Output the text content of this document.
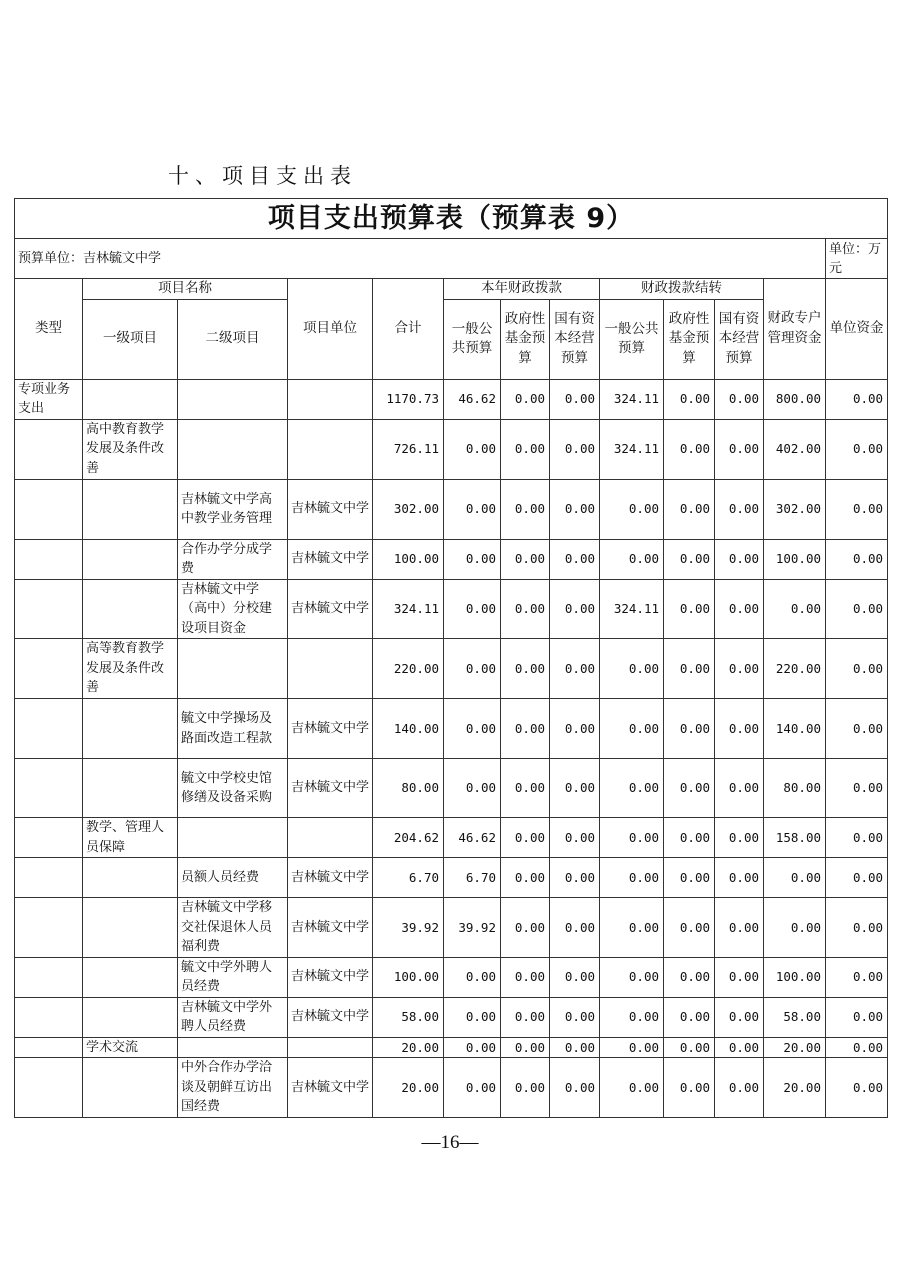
十、项目支出表
项目支出预算表（预算表 9）												
预算单位：吉林毓文中学												单位：万元
类型	项目名称		项目单位	合计	本年财政拨款			财政拨款结转			财政专户管理资金	单位资金
	一级项目	二级项目			一般公共预算	政府性基金预算	国有资本经营预算	一般公共预算	政府性基金预算	国有资本经营预算		
专项业务支出				1170.73	46.62	0.00	0.00	324.11	0.00	0.00	800.00	0.00
	高中教育教学发展及条件改善			726.11	0.00	0.00	0.00	324.11	0.00	0.00	402.00	0.00
		吉林毓文中学高中教学业务管理	吉林毓文中学	302.00	0.00	0.00	0.00	0.00	0.00	0.00	302.00	0.00
		合作办学分成学费	吉林毓文中学	100.00	0.00	0.00	0.00	0.00	0.00	0.00	100.00	0.00
		吉林毓文中学（高中）分校建设项目资金	吉林毓文中学	324.11	0.00	0.00	0.00	324.11	0.00	0.00	0.00	0.00
	高等教育教学发展及条件改善			220.00	0.00	0.00	0.00	0.00	0.00	0.00	220.00	0.00
		毓文中学操场及路面改造工程款	吉林毓文中学	140.00	0.00	0.00	0.00	0.00	0.00	0.00	140.00	0.00
		毓文中学校史馆修缮及设备采购	吉林毓文中学	80.00	0.00	0.00	0.00	0.00	0.00	0.00	80.00	0.00
	教学、管理人员保障			204.62	46.62	0.00	0.00	0.00	0.00	0.00	158.00	0.00
		员额人员经费	吉林毓文中学	6.70	6.70	0.00	0.00	0.00	0.00	0.00	0.00	0.00
		吉林毓文中学移交社保退休人员福利费	吉林毓文中学	39.92	39.92	0.00	0.00	0.00	0.00	0.00	0.00	0.00
		毓文中学外聘人员经费	吉林毓文中学	100.00	0.00	0.00	0.00	0.00	0.00	0.00	100.00	0.00
		吉林毓文中学外聘人员经费	吉林毓文中学	58.00	0.00	0.00	0.00	0.00	0.00	0.00	58.00	0.00
	学术交流			20.00	0.00	0.00	0.00	0.00	0.00	0.00	20.00	0.00
		中外合作办学洽谈及朝鲜互访出国经费	吉林毓文中学	20.00	0.00	0.00	0.00	0.00	0.00	0.00	20.00	0.00
—16—
